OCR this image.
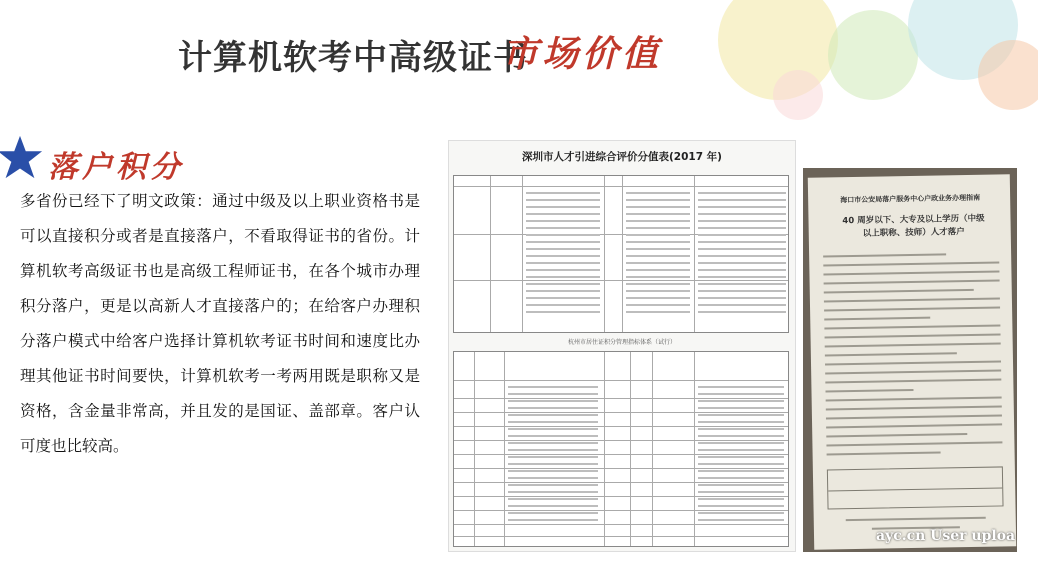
计算机软考中高级证书
市场价值
落户积分
多省份已经下了明文政策：通过中级及以上职业资格书是可以直接积分或者是直接落户，不看取得证书的省份。计算机软考高级证书也是高级工程师证书，在各个城市办理积分落户，更是以高新人才直接落户的；在给客户办理积分落户模式中给客户选择计算机软考证书时间和速度比办理其他证书时间要快，计算机软考一考两用既是职称又是资格，含金量非常高，并且发的是国证、盖部章。客户认可度也比较高。
深圳市人才引进综合评价分值表(2017 年)
杭州市居住证积分管理指标体系（试行）
海口市公安局落户服务中心户政业务办理指南
40 周岁以下、大专及以上学历（中级以上职称、技师）人才落户
ayc.cn User uploa
